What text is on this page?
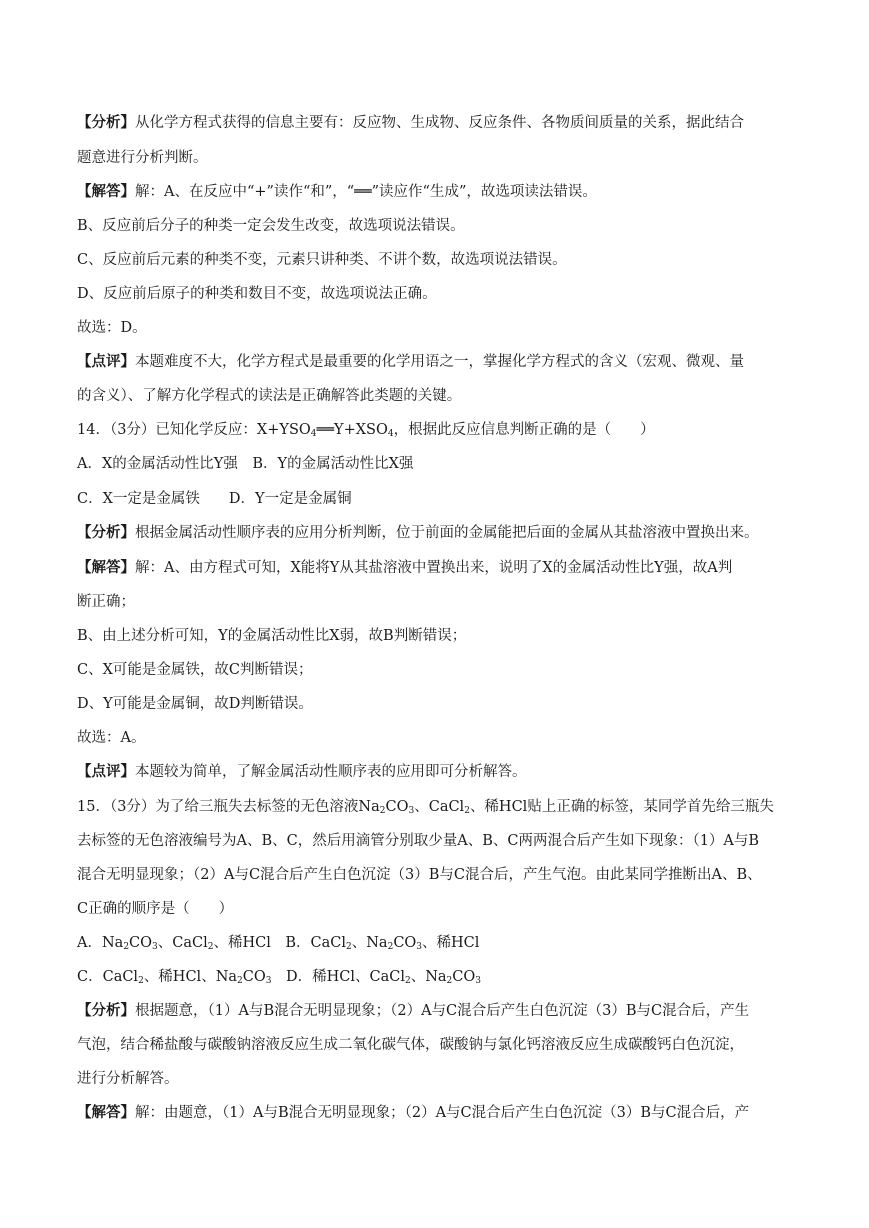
【分析】从化学方程式获得的信息主要有：反应物、生成物、反应条件、各物质间质量的关系，据此结合
题意进行分析判断。
【解答】解：A、在反应中“+”读作“和”，“══”读应作“生成”，故选项读法错误。
B、反应前后分子的种类一定会发生改变，故选项说法错误。
C、反应前后元素的种类不变，元素只讲种类、不讲个数，故选项说法错误。
D、反应前后原子的种类和数目不变，故选项说法正确。
故选：D。
【点评】本题难度不大，化学方程式是最重要的化学用语之一，掌握化学方程式的含义（宏观、微观、量
的含义）、了解方化学程式的读法是正确解答此类题的关键。
14．（3分）已知化学反应：$X+YSO_4══Y+XSO_4$，根据此反应信息判断正确的是（　　）
A．X的金属活动性比Y强　B．Y的金属活动性比X强
C．X一定是金属铁　　D．Y一定是金属铜
【分析】根据金属活动性顺序表的应用分析判断，位于前面的金属能把后面的金属从其盐溶液中置换出来。
【解答】解：A、由方程式可知，X能将Y从其盐溶液中置换出来，说明了X的金属活动性比Y强，故A判
断正确；
B、由上述分析可知，Y的金属活动性比X弱，故B判断错误；
C、X可能是金属铁，故C判断错误；
D、Y可能是金属铜，故D判断错误。
故选：A。
【点评】本题较为简单，了解金属活动性顺序表的应用即可分析解答。
15．（3分）为了给三瓶失去标签的无色溶液$Na_2CO_3$、CaCl$_2$、稀HCl贴上正确的标签，某同学首先给三瓶失
去标签的无色溶液编号为A、B、C，然后用滴管分别取少量A、B、C两两混合后产生如下现象：（1）A与B
混合无明显现象；（2）A与C混合后产生白色沉淀（3）B与C混合后，产生气泡。由此某同学推断出A、B、
C正确的顺序是（　　）
A．$Na_2CO_3$、CaCl$_2$、稀HCl　B．CaCl$_2$、$Na_2CO_3$、稀HCl
C．CaCl$_2$、稀HCl、$Na_2CO_3$　D．稀HCl、CaCl$_2$、$Na_2CO_3$
【分析】根据题意，（1）A与B混合无明显现象；（2）A与C混合后产生白色沉淀（3）B与C混合后，产生
气泡，结合稀盐酸与碳酸钠溶液反应生成二氧化碳气体，碳酸钠与氯化钙溶液反应生成碳酸钙白色沉淀，
进行分析解答。
【解答】解：由题意，（1）A与B混合无明显现象；（2）A与C混合后产生白色沉淀（3）B与C混合后，产
